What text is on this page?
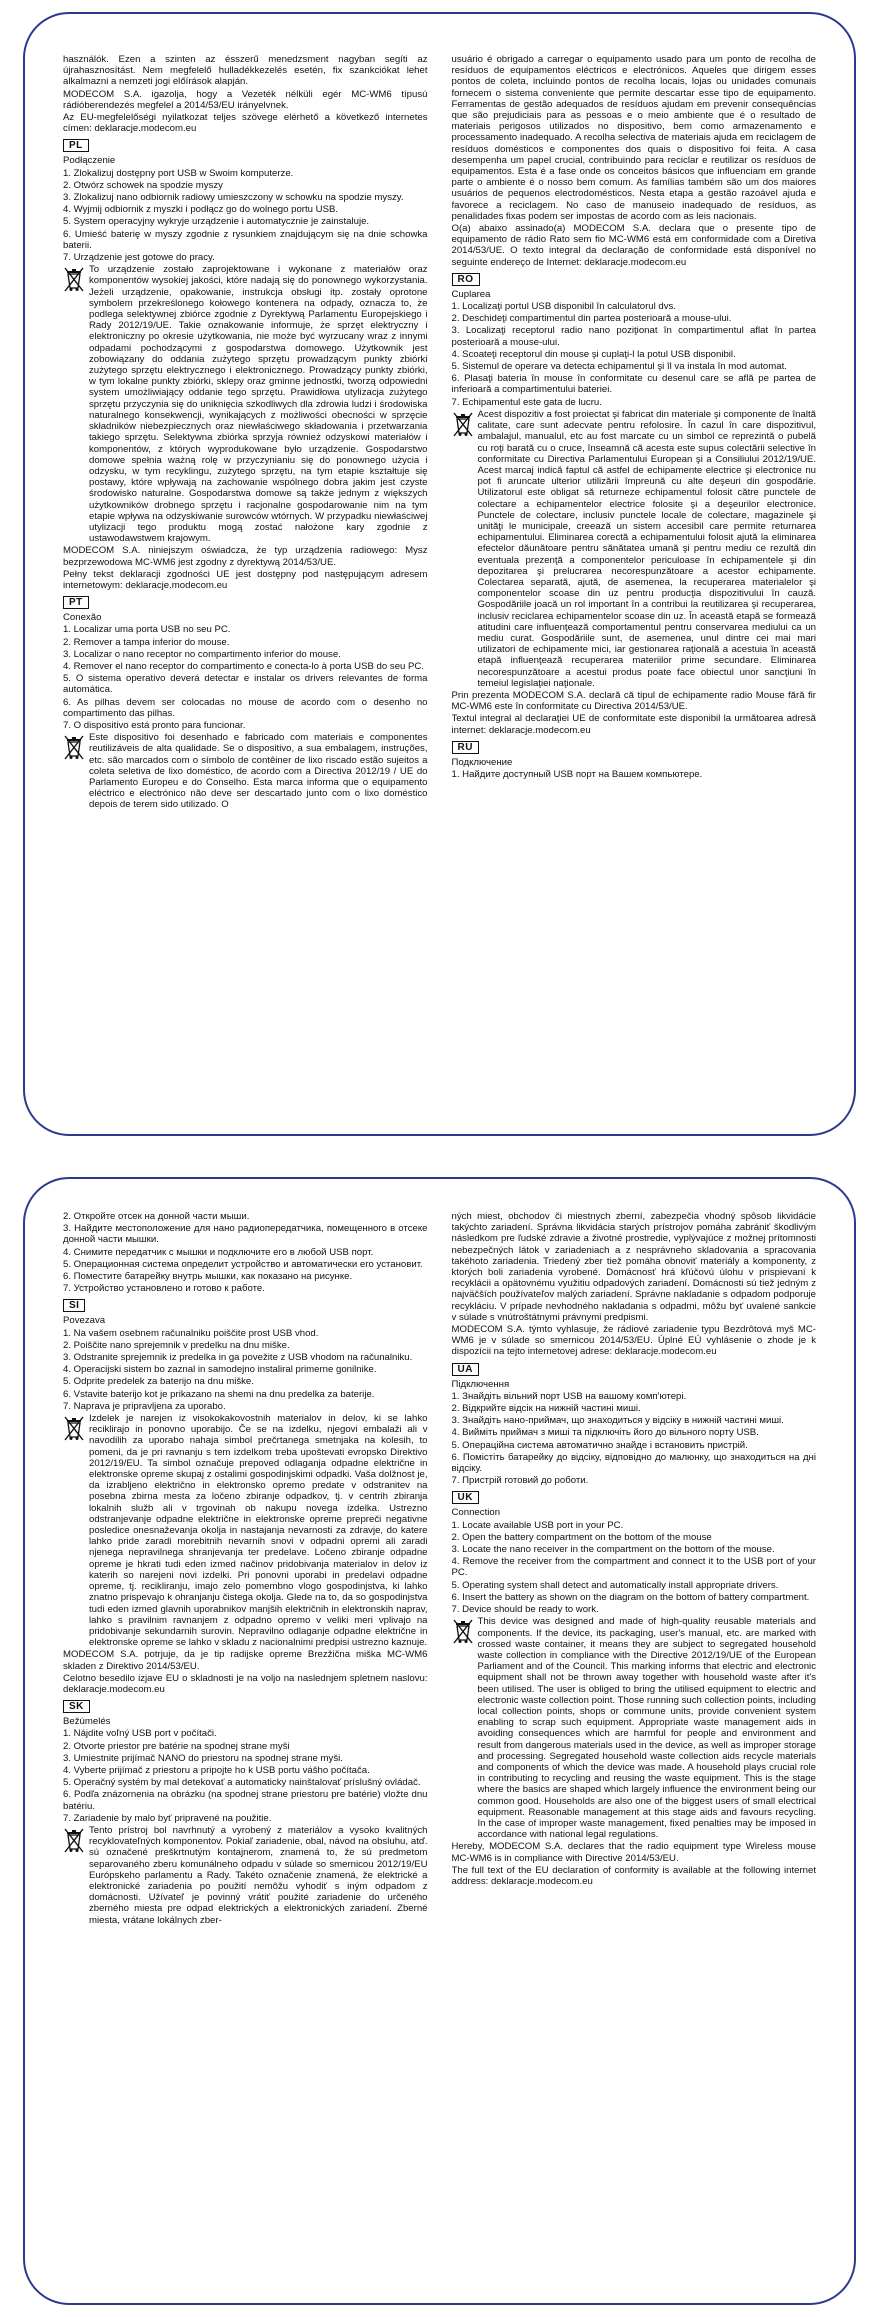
használók. Ezen a szinten az ésszerű menedzsment nagyban segíti az újrahasznosítást. Nem megfelelő hulladékkezelés esetén, fix szankciókat lehet alkalmazni a nemzeti jogi előírások alapján.

MODECOM S.A. igazolja, hogy a Vezeték nélküli egér MC-WM6 típusú rádióberendezés megfelel a 2014/53/EU irányelvnek.

Az EU-megfelelőségi nyilatkozat teljes szövege elérhető a következő internetes címen: deklaracje.modecom.eu

PL

Podłączenie

1. Zlokalizuj dostępny port USB w Swoim komputerze.

2. Otwórz schowek na spodzie myszy

3. Zlokalizuj nano odbiornik radiowy umieszczony w schowku na spodzie myszy.

4. Wyjmij odbiornik z myszki i podłącz go do wolnego portu USB.

5. System operacyjny wykryje urządzenie i automatycznie je zainstaluje.

6. Umieść baterię w myszy zgodnie z rysunkiem znajdującym się na dnie schowka baterii.

7. Urządzenie jest gotowe do pracy.

To urządzenie zostało zaprojektowane i wykonane z materiałów oraz komponentów wysokiej jakości, które nadają się do ponownego wykorzystania. Jeżeli urządzenie, opakowanie, instrukcja obsługi itp. zostały oprotone symbolem przekreślonego kołowego kontenera na odpady, oznacza to, że podlega selektywnej zbiórce zgodnie z Dyrektywą Parlamentu Europejskiego i Rady 2012/19/UE. Takie oznakowanie informuje, że sprzęt elektryczny i elektroniczny po okresie użytkowania, nie może być wyrzucany wraz z innymi odpadami pochodzącymi z gospodarstwa domowego. Użytkownik jest zobowiązany do oddania zużytego sprzętu prowadzącym punkty zbiórki zużytego sprzętu elektrycznego i elektronicznego. Prowadzący punkty zbiórki, w tym lokalne punkty zbiórki, sklepy oraz gminne jednostki, tworzą odpowiedni system umożliwiający oddanie tego sprzętu. Prawidłowa utylizacja zużytego sprzętu przyczynia się do uniknięcia szkodliwych dla zdrowia ludzi i środowiska naturalnego konsekwencji, wynikających z możliwości obecności w sprzęcie składników niebezpiecznych oraz niewłaściwego składowania i przetwarzania takiego sprzętu. Selektywna zbiórka sprzyja również odzyskowi materiałów i komponentów, z których wyprodukowane było urządzenie. Gospodarstwo domowe spełnia ważną rolę w przyczynianiu się do ponownego użycia i odzysku, w tym recyklingu, zużytego sprzętu, na tym etapie kształtuje się postawy, które wpływają na zachowanie wspólnego dobra jakim jest czyste środowisko naturalne. Gospodarstwa domowe są także jednym z większych użytkowników drobnego sprzętu i racjonalne gospodarowanie nim na tym etapie wpływa na odzyskiwanie surowców wtórnych. W przypadku niewłaściwej utylizacji tego produktu mogą zostać nałożone kary zgodnie z ustawodawstwem krajowym.

MODECOM S.A. niniejszym oświadcza, że typ urządzenia radiowego: Mysz bezprzewodowa MC-WM6 jest zgodny z dyrektywą 2014/53/UE.

Pełny tekst deklaracji zgodności UE jest dostępny pod następującym adresem internetowym: deklaracje.modecom.eu

PT

Conexão

1. Localizar uma porta USB no seu PC.

2. Remover a tampa inferior do mouse.

3. Localizar o nano receptor no compartimento inferior do mouse.

4. Remover el nano receptor do compartimento e conecta-lo à porta USB do seu PC.

5. O sistema operativo deverá detectar e instalar os drivers relevantes de forma automática.

6. As pilhas devem ser colocadas no mouse de acordo com o desenho no compartimento das pilhas.

7. O dispositivo está pronto para funcionar.

Este dispositivo foi desenhado e fabricado com materiais e componentes reutilizáveis de alta qualidade. Se o dispositivo, a sua embalagem, instruções, etc. são marcados com o símbolo de contêiner de lixo riscado estão sujeitos a coleta seletiva de lixo doméstico, de acordo com a Directiva 2012/19 / UE do Parlamento Europeu e do Conselho. Esta marca informa que o equipamento eléctrico e electrónico não deve ser descartado junto com o lixo doméstico depois de terem sido utilizado. O

usuário é obrigado a carregar o equipamento usado para um ponto de recolha de resíduos de equipamentos eléctricos e electrónicos. Aqueles que dirigem esses pontos de coleta, incluindo pontos de recolha locais, lojas ou unidades comunais fornecem o sistema conveniente que permite descartar esse tipo de equipamento. Ferramentas de gestão adequados de resíduos ajudam em prevenir consequências que são prejudiciais para as pessoas e o meio ambiente que é o resultado de materiais perigosos utilizados no dispositivo, bem como armazenamento e processamento inadequado. A recolha selectiva de materiais ajuda em reciclagem de resíduos domésticos e componentes dos quais o dispositivo foi feita. A casa desempenha um papel crucial, contribuindo para reciclar e reutilizar os resíduos de equipamentos. Esta é a fase onde os conceitos básicos que influenciam em grande parte o ambiente é o nosso bem comum. As famílias também são um dos maiores usuários de pequenos electrodomésticos. Nesta etapa a gestão razoável ajuda e favorece a reciclagem. No caso de manuseio inadequado de resíduos, as penalidades fixas podem ser impostas de acordo com as leis nacionais.

O(a) abaixo assinado(a) MODECOM S.A. declara que o presente tipo de equipamento de rádio Rato sem fio MC-WM6 está em conformidade com a Diretiva 2014/53/UE. O texto integral da declaração de conformidade está disponível no seguinte endereço de Internet: deklaracje.modecom.eu

RO

Cuplarea

1. Localizaţi portul USB disponibil în calculatorul dvs.

2. Deschideţi compartimentul din partea posterioară a mouse-ului.

3. Localizaţi receptorul radio nano poziţionat în compartimentul aflat în partea posterioară a mouse-ului.

4. Scoateţi receptorul din mouse şi cuplaţi-l la potul USB disponibil.

5. Sistemul de operare va detecta echipamentul şi îl va instala în mod automat.

6. Plasaţi bateria în mouse în conformitate cu desenul care se află pe partea de inferioară a compartimentului bateriei.

7. Echipamentul este gata de lucru.

Acest dispozitiv a fost proiectat şi fabricat din materiale şi componente de înaltă calitate, care sunt adecvate pentru refolosire. În cazul în care dispozitivul, ambalajul, manualul, etc au fost marcate cu un simbol ce reprezintă o pubelă cu roţi barată cu o cruce, înseamnă că acesta este supus colectării selective în conformitate cu Directiva Parlamentului European şi a Consiliului 2012/19/UE. Acest marcaj indică faptul că astfel de echipamente electrice şi electronice nu pot fi aruncate ulterior utilizării împreună cu alte deşeuri din gospodărie. Utilizatorul este obligat să returneze echipamentul folosit către punctele de colectare a echipamentelor electrice folosite şi a deşeurilor electronice. Punctele de colectare, inclusiv punctele locale de colectare, magazinele şi unităţi le municipale, creează un sistem accesibil care permite returnarea echipamentului. Eliminarea corectă a echipamentului folosit ajută la eliminarea efectelor dăunătoare pentru sănătatea umană şi pentru mediu ce rezultă din eventuala prezenţă a componentelor periculoase în echipamentele şi din depozitarea şi prelucrarea necorespunzătoare a acestor echipamente. Colectarea separată, ajută, de asemenea, la recuperarea materialelor şi componentelor scoase din uz pentru producţia dispozitivului în cauză. Gospodăriile joacă un rol important în a contribui la reutilizarea şi recuperarea, inclusiv reciclarea echipamentelor scoase din uz. În această etapă se formează atitudini care influenţează comportamentul pentru conservarea mediului ca un mediu curat. Gospodăriile sunt, de asemenea, unul dintre cei mai mari utilizatori de echipamente mici, iar gestionarea raţională a acestuia în această etapă influenţează recuperarea materiilor prime secundare. Eliminarea necorespunzătoare a acestui produs poate face obiectul unor sancţiuni în temeiul legislaţiei naţionale.

Prin prezenta MODECOM S.A. declară că tipul de echipamente radio Mouse fără fir MC-WM6 este în conformitate cu Directiva 2014/53/UE.

Textul integral al declaraţiei UE de conformitate este disponibil la următoarea adresă internet: deklaracje.modecom.eu

RU

Подключение

1. Найдите доступный USB порт на Вашем компьютере.

2. Откройте отсек на донной части мыши.

3. Найдите местоположение для нано радиопередатчика, помещенного в отсеке донной части мышки.

4. Снимите передатчик с мышки и подключите его в любой USB порт.

5. Операционная система определит устройство и автоматически его установит.

6. Поместите батарейку внутрь мышки, как показано на рисунке.

7. Устройство установлено и готово к работе.

SI

Povezava

1. Na vašem osebnem računalniku poiščite prost USB vhod.

2. Poiščite nano sprejemnik v predelku na dnu miške.

3. Odstranite sprejemnik iz predelka in ga povežite z USB vhodom na računalniku.

4. Operacijski sistem bo zaznal in samodejno instaliral primerne gonilnike.

5. Odprite predelek za baterijo na dnu miške.

6. Vstavite baterijo kot je prikazano na shemi na dnu predelka za baterije.

7. Naprava je pripravljena za uporabo.

Izdelek je narejen iz visokokakovostnih materialov in delov, ki se lahko reciklirajo in ponovno uporabijo. Če se na izdelku, njegovi embalaži ali v navodilih za uporabo nahaja simbol prečrtanega smetnjaka na kolesih, to pomeni, da je pri ravnanju s tem izdelkom treba upoštevati evropsko Direktivo 2012/19/EU. Ta simbol označuje prepoved odlaganja odpadne električne in elektronske opreme skupaj z ostalimi gospodinjskimi odpadki. Vaša dolžnost je, da izrabljeno električno in elektronsko opremo predate v odstranitev na posebna zbirna mesta za ločeno zbiranje odpadkov, tj. v centrih zbiranja lokalnih služb ali v trgovinah ob nakupu novega izdelka. Ustrezno odstranjevanje odpadne električne in elektronske opreme prepreči negativne posledice onesnaževanja okolja in nastajanja nevarnosti za zdravje, do katere lahko pride zaradi morebitnih nevarnih snovi v odpadni opremi ali zaradi njenega nepravilnega shranjevanja ter predelave. Ločeno zbiranje odpadne opreme je hkrati tudi eden izmed načinov pridobivanja materialov in delov iz katerih so narejeni novi izdelki. Pri ponovni uporabi in predelavi odpadne opreme, tj. recikliranju, imajo zelo pomembno vlogo gospodinjstva, ki lahko znatno prispevajo k ohranjanju čistega okolja. Glede na to, da so gospodinjstva tudi eden izmed glavnih uporabnikov manjših električnih in elektronskih naprav, lahko s pravilnim ravnanjem z odpadno opremo v veliki meri vplivajo na pridobivanje sekundarnih surovin. Nepravilno odlaganje odpadne električne in elektronske opreme se lahko v skladu z nacionalnimi predpisi ustrezno kaznuje.

MODECOM S.A. potrjuje, da je tip radijske opreme Brezžična miška MC-WM6 skladen z Direktivo 2014/53/EU.

Celotno besedilo izjave EU o skladnosti je na voljo na naslednjem spletnem naslovu: deklaracje.modecom.eu

SK

Bežúmelés

1. Nájdite voľný USB port v počítači.

2. Otvorte priestor pre batérie na spodnej strane myši

3. Umiestnite prijímač NANO do priestoru na spodnej strane myši.

4. Vyberte prijímač z priestoru a pripojte ho k USB portu vášho počítača.

5. Operačný systém by mal detekovať a automaticky nainštalovať príslušný ovládač.

6. Podľa znázornenia na obrázku (na spodnej strane priestoru pre batérie) vložte dnu batériu.

7. Zariadenie by malo byť pripravené na použitie.

Tento prístroj bol navrhnutý a vyrobený z materiálov a vysoko kvalitných recyklovateľných komponentov. Pokiaľ zariadenie, obal, návod na obsluhu, atď. sú označené preškrtnutým kontajnerom, znamená to, že sú predmetom separovaného zberu komunálneho odpadu v súlade so smernicou 2012/19/EU Európskeho parlamentu a Rady. Takéto označenie znamená, že elektrické a elektronické zariadenia po použití nemôžu vyhodiť s iným odpadom z domácnosti. Užívateľ je povinný vrátiť použité zariadenie do určeného zberného miesta pre odpad elektrických a elektronických zariadení. Zberné miesta, vrátane lokálnych zber-

ných miest, obchodov či miestnych zberní, zabezpečia vhodný spôsob likvidácie takýchto zariadení. Správna likvidácia starých prístrojov pomáha zabrániť škodlivým následkom pre ľudské zdravie a životné prostredie, vyplývajúce z možnej prítomnosti nebezpečných látok v zariadeniach a z nesprávneho skladovania a spracovania takéhoto zariadenia. Triedený zber tiež pomáha obnoviť materiály a komponenty, z ktorých boli zariadenia vyrobené. Domácnosť hrá kľúčovú úlohu v prispievaní k recyklácii a opätovnému využitiu odpadových zariadení. Domácnosti sú tiež jedným z najväčších používateľov malých zariadení. Správne nakladanie s odpadom podporuje recykláciu. V prípade nevhodného nakladania s odpadmi, môžu byť uvalené sankcie v súlade s vnútroštátnymi právnymi predpismi.

MODECOM S.A. týmto vyhlasuje, že rádiové zariadenie typu Bezdrôtová myš MC-WM6 je v súlade so smernicou 2014/53/EU. Úplné EÚ vyhlásenie o zhode je k dispozícii na tejto internetovej adrese: deklaracje.modecom.eu

UA

Підключення

1. Знайдіть вільний порт USB на вашому комп'ютері.

2. Відкрийте відсік на нижній частині миші.

3. Знайдіть нано-приймач, що знаходиться у відсіку в нижній частині миші.

4. Вийміть приймач з миші та підключіть його до вільного порту USB.

5. Операційна система автоматично знайде і встановить пристрій.

6. Помістіть батарейку до відсіку, відповідно до малюнку, що знаходиться на дні відсіку.

7. Пристрій готовий до роботи.

UK

Connection

1. Locate available USB port in your PC.

2. Open the battery compartment on the bottom of the mouse

3. Locate the nano receiver in the compartment on the bottom of the mouse.

4. Remove the receiver from the compartment and connect it to the USB port of your PC.

5. Operating system shall detect and automatically install appropriate drivers.

6. Insert the battery as shown on the diagram on the bottom of battery compartment.

7. Device should be ready to work.

This device was designed and made of high-quality reusable materials and components. If the device, its packaging, user's manual, etc. are marked with crossed waste container, it means they are subject to segregated household waste collection in compliance with the Directive 2012/19/UE of the European Parliament and of the Council. This marking informs that electric and electronic equipment shall not be thrown away together with household waste after it's been utilised. The user is obliged to bring the utilised equipment to electric and electronic waste collection point. Those running such collection points, including local collection points, shops or commune units, provide convenient system enabling to scrap such equipment. Appropriate waste management aids in avoiding consequences which are harmful for people and environment and result from dangerous materials used in the device, as well as improper storage and processing. Segregated household waste collection aids recycle materials and components of which the device was made. A household plays crucial role in contributing to recycling and reusing the waste equipment. This is the stage where the basics are shaped which largely influence the environment being our common good. Households are also one of the biggest users of small electrical equipment. Reasonable management at this stage aids and favours recycling. In the case of improper waste management, fixed penalties may be imposed in accordance with national legal regulations.

Hereby, MODECOM S.A. declares that the radio equipment type Wireless mouse MC-WM6 is in compliance with Directive 2014/53/EU.

The full text of the EU declaration of conformity is available at the following internet address: deklaracje.modecom.eu
